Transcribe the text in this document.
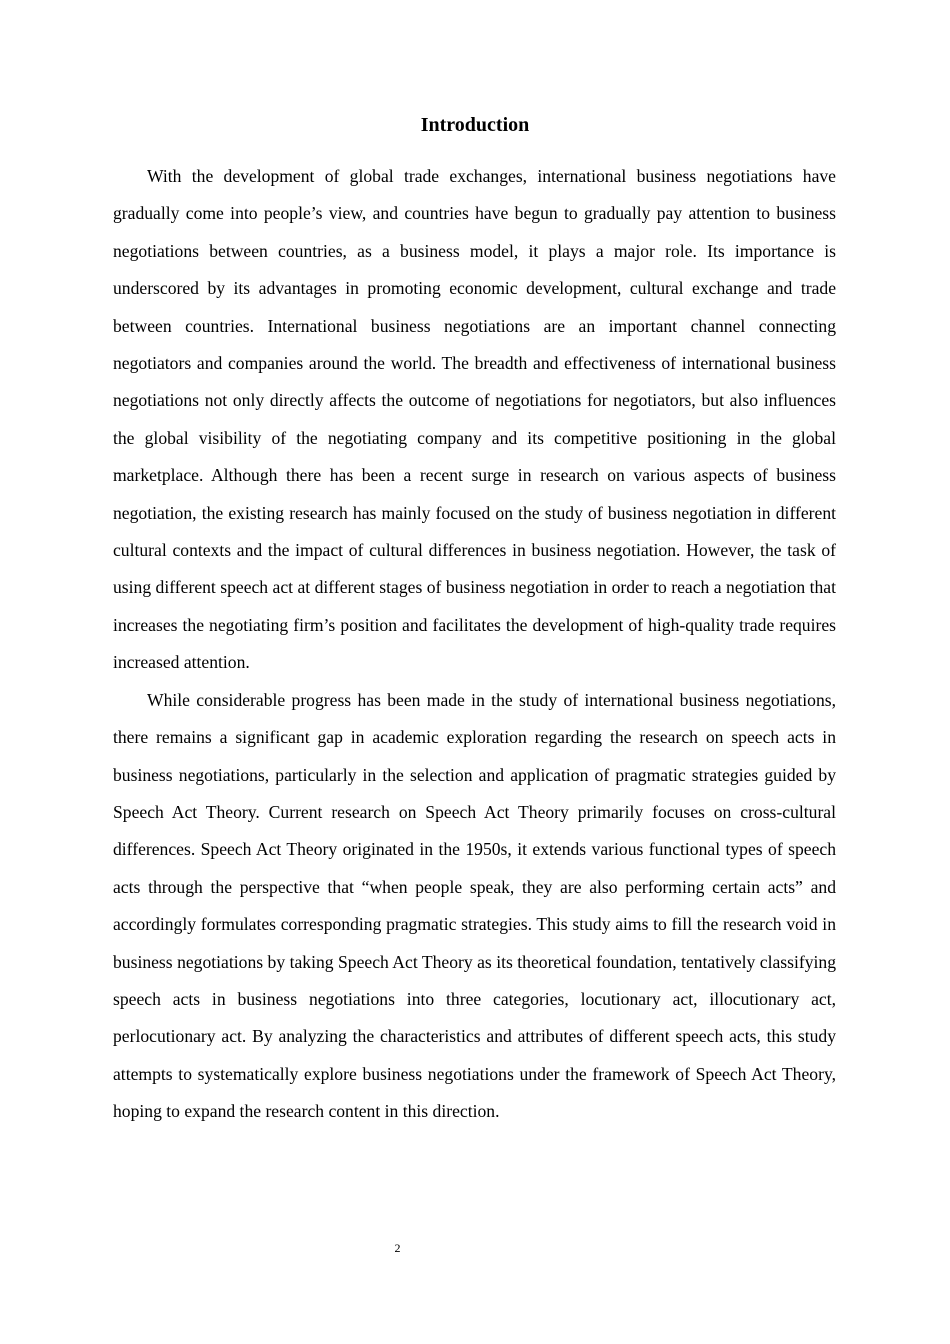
Introduction

With the development of global trade exchanges, international business negotiations have gradually come into people’s view, and countries have begun to gradually pay attention to business negotiations between countries, as a business model, it plays a major role. Its importance is underscored by its advantages in promoting economic development, cultural exchange and trade between countries. International business negotiations are an important channel connecting negotiators and companies around the world. The breadth and effectiveness of international business negotiations not only directly affects the outcome of negotiations for negotiators, but also influences the global visibility of the negotiating company and its competitive positioning in the global marketplace. Although there has been a recent surge in research on various aspects of business negotiation, the existing research has mainly focused on the study of business negotiation in different cultural contexts and the impact of cultural differences in business negotiation. However, the task of using different speech act at different stages of business negotiation in order to reach a negotiation that increases the negotiating firm’s position and facilitates the development of high-quality trade requires increased attention.

While considerable progress has been made in the study of international business negotiations, there remains a significant gap in academic exploration regarding the research on speech acts in business negotiations, particularly in the selection and application of pragmatic strategies guided by Speech Act Theory. Current research on Speech Act Theory primarily focuses on cross-cultural differences. Speech Act Theory originated in the 1950s, it extends various functional types of speech acts through the perspective that “when people speak, they are also performing certain acts” and accordingly formulates corresponding pragmatic strategies. This study aims to fill the research void in business negotiations by taking Speech Act Theory as its theoretical foundation, tentatively classifying speech acts in business negotiations into three categories, locutionary act, illocutionary act, perlocutionary act. By analyzing the characteristics and attributes of different speech acts, this study attempts to systematically explore business negotiations under the framework of Speech Act Theory, hoping to expand the research content in this direction.

2
